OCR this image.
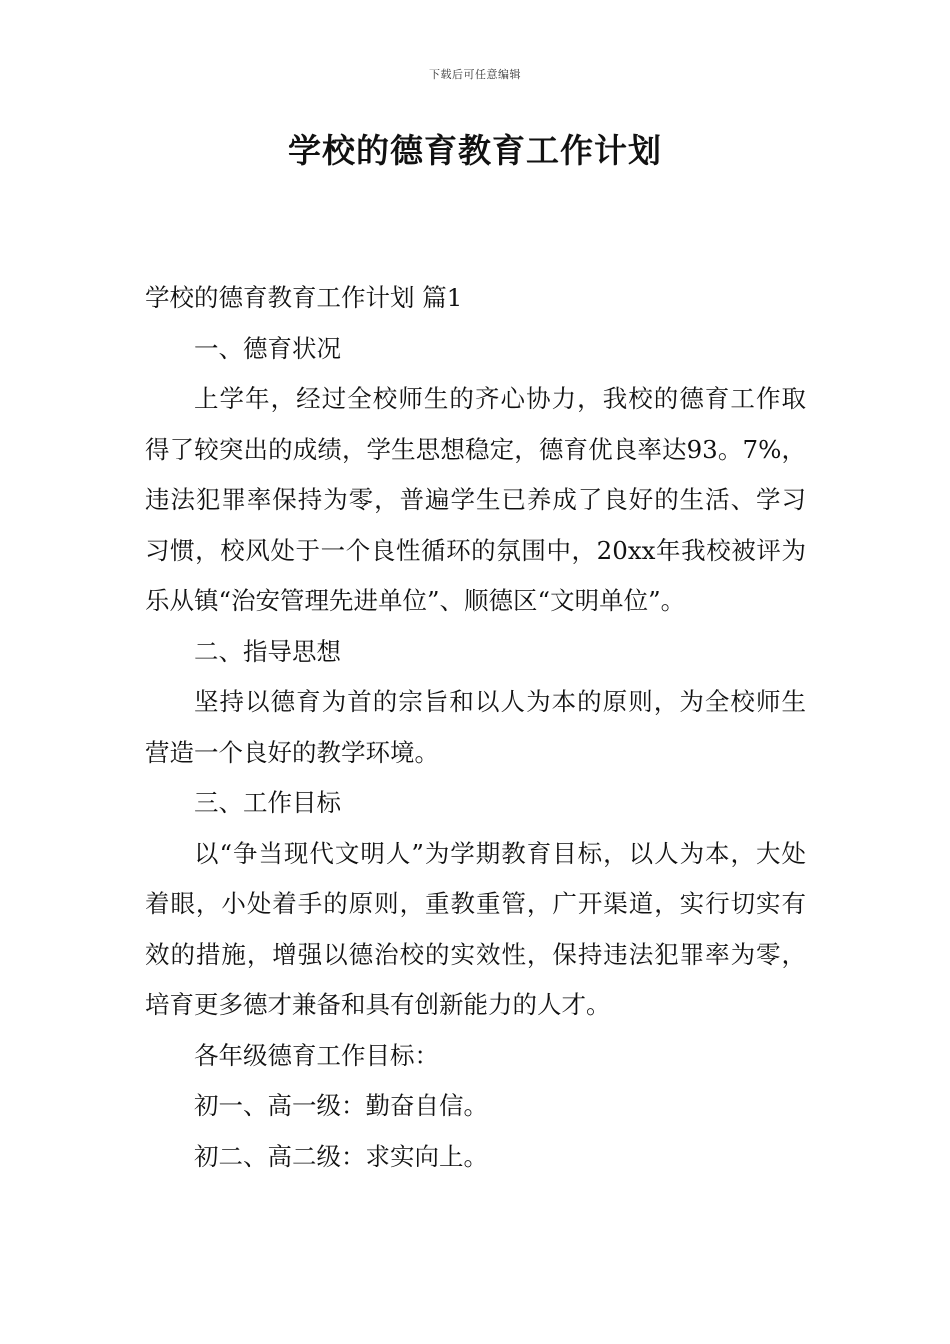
下载后可任意编辑
学校的德育教育工作计划

学校的德育教育工作计划 篇1

一、德育状况

上学年，经过全校师生的齐心协力，我校的德育工作取得了较突出的成绩，学生思想稳定，德育优良率达93。7%，违法犯罪率保持为零，普遍学生已养成了良好的生活、学习习惯，校风处于一个良性循环的氛围中，20xx年我校被评为乐从镇“治安管理先进单位”、顺德区“文明单位”。

二、指导思想

坚持以德育为首的宗旨和以人为本的原则，为全校师生营造一个良好的教学环境。

三、工作目标

以“争当现代文明人”为学期教育目标，以人为本，大处着眼，小处着手的原则，重教重管，广开渠道，实行切实有效的措施，增强以德治校的实效性，保持违法犯罪率为零，培育更多德才兼备和具有创新能力的人才。

各年级德育工作目标：

初一、高一级：勤奋自信。

初二、高二级：求实向上。
